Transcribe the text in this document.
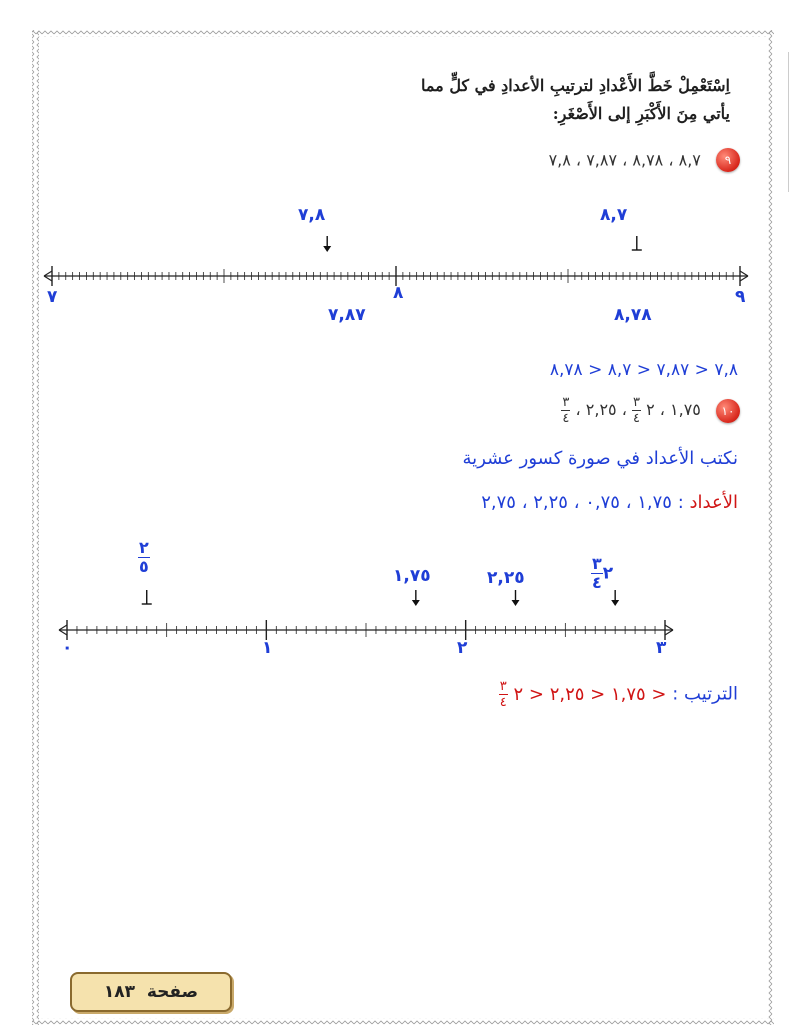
اِسْتَعْمِلْ خَطَّ الأَعْدادِ لترتيبِ الأعدادِ في كلٍّ مما
يأتي مِنَ الأَكْبَرِ إلى الأَصْغَرِ:
٩ ٨,٧ ، ٨,٧٨ ، ٧,٨٧ ، ٧,٨
٧,٨	٨,٧
٧	٨	٩
٧,٨٧	٨,٧٨
٧,٨ < ٧,٨٧ < ٨,٧ < ٨,٧٨
١٠ ١,٧٥ ، ٢
$\frac{٣}{٤}$
، ٢,٢٥ ،
$\frac{٣}{٤}$
نكتب الأعداد في صورة كسور عشرية
الأعداد : ١,٧٥ ، ٠,٧٥ ، ٢,٢٥ ، ٢,٧٥
$\frac{٢}{٥}$
١,٧٥	٢,٢٥	٢
$\frac{٣}{٤}$
٠	١	٢	٣
الترتيب : < ١,٧٥ < ٢,٢٥ < ٢
$\frac{٣}{٤}$
صفحة

١٨٣
